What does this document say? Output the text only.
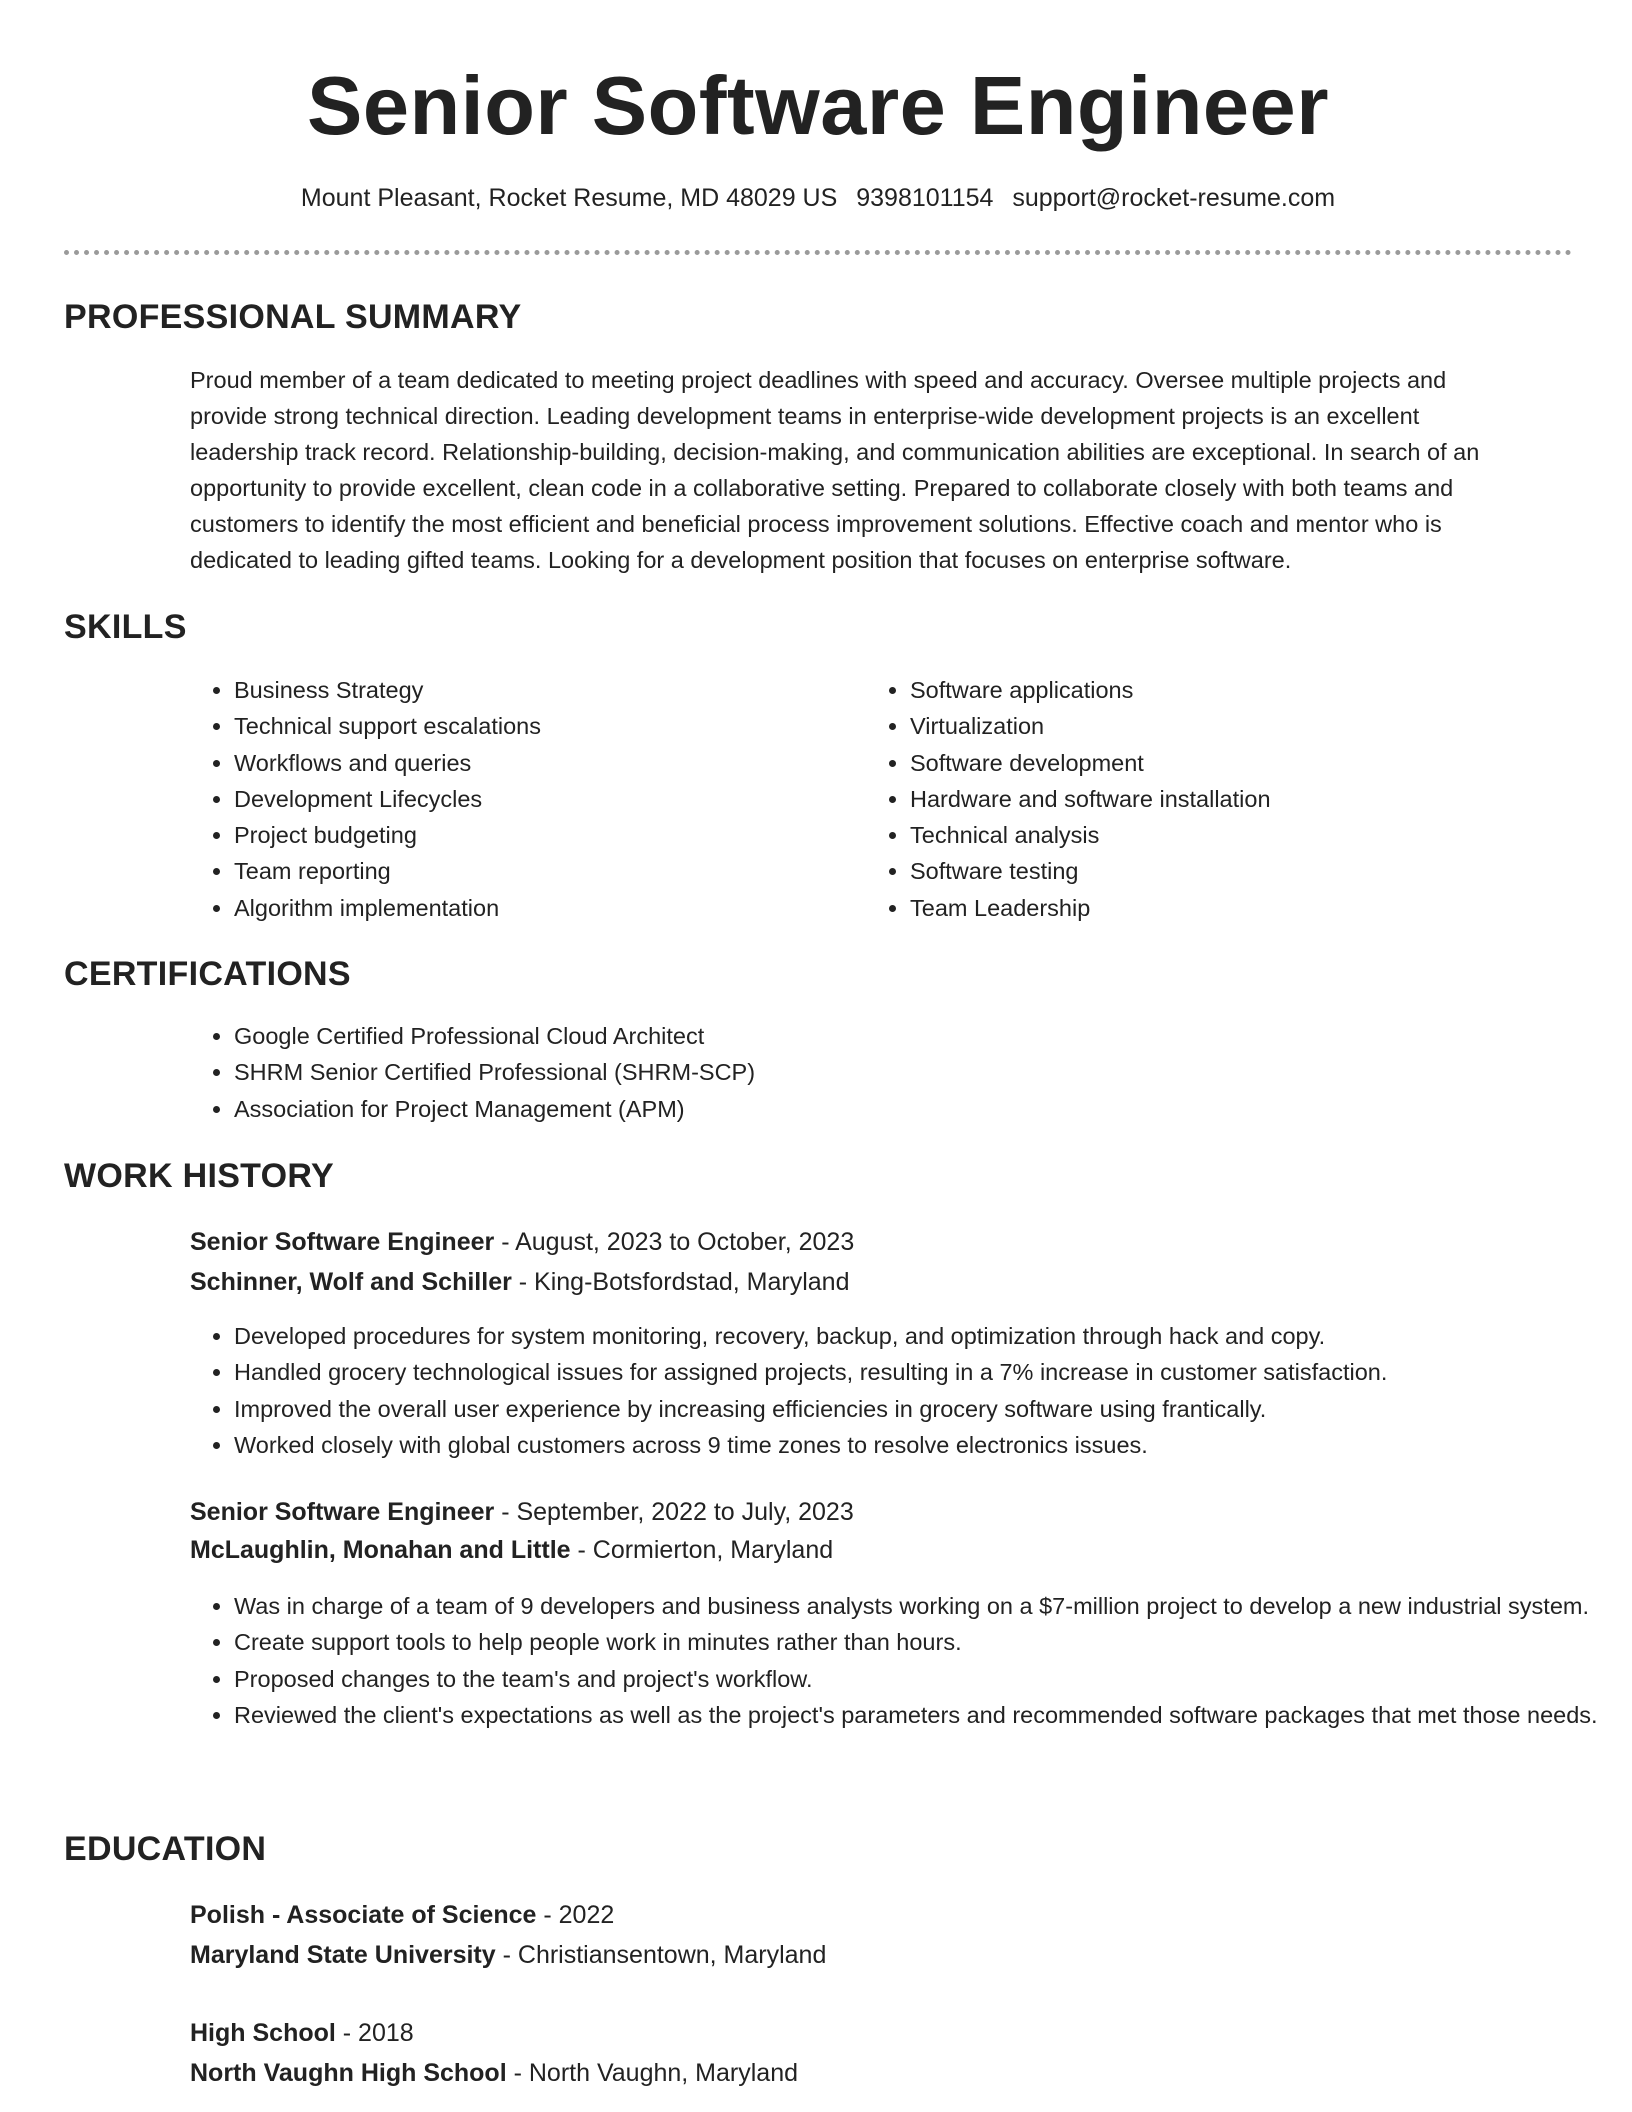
Senior Software Engineer
Mount Pleasant, Rocket Resume, MD 48029 US 9398101154 support@rocket-resume.com
PROFESSIONAL SUMMARY
Proud member of a team dedicated to meeting project deadlines with speed and accuracy. Oversee multiple projects and
provide strong technical direction. Leading development teams in enterprise-wide development projects is an excellent
leadership track record. Relationship-building, decision-making, and communication abilities are exceptional. In search of an
opportunity to provide excellent, clean code in a collaborative setting. Prepared to collaborate closely with both teams and
customers to identify the most efficient and beneficial process improvement solutions. Effective coach and mentor who is
dedicated to leading gifted teams. Looking for a development position that focuses on enterprise software.
SKILLS
• Business Strategy
• Technical support escalations
• Workflows and queries
• Development Lifecycles
• Project budgeting
• Team reporting
• Algorithm implementation
• Software applications
• Virtualization
• Software development
• Hardware and software installation
• Technical analysis
• Software testing
• Team Leadership
CERTIFICATIONS
• Google Certified Professional Cloud Architect
• SHRM Senior Certified Professional (SHRM-SCP)
• Association for Project Management (APM)
WORK HISTORY
Senior Software Engineer - August, 2023 to October, 2023
Schinner, Wolf and Schiller - King-Botsfordstad, Maryland
• Developed procedures for system monitoring, recovery, backup, and optimization through hack and copy.
• Handled grocery technological issues for assigned projects, resulting in a 7% increase in customer satisfaction.
• Improved the overall user experience by increasing efficiencies in grocery software using frantically.
• Worked closely with global customers across 9 time zones to resolve electronics issues.
Senior Software Engineer - September, 2022 to July, 2023
McLaughlin, Monahan and Little - Cormierton, Maryland
• Was in charge of a team of 9 developers and business analysts working on a $7-million project to develop a new industrial system.
• Create support tools to help people work in minutes rather than hours.
• Proposed changes to the team's and project's workflow.
• Reviewed the client's expectations as well as the project's parameters and recommended software packages that met those needs.
EDUCATION
Polish - Associate of Science - 2022
Maryland State University - Christiansentown, Maryland
High School - 2018
North Vaughn High School - North Vaughn, Maryland
